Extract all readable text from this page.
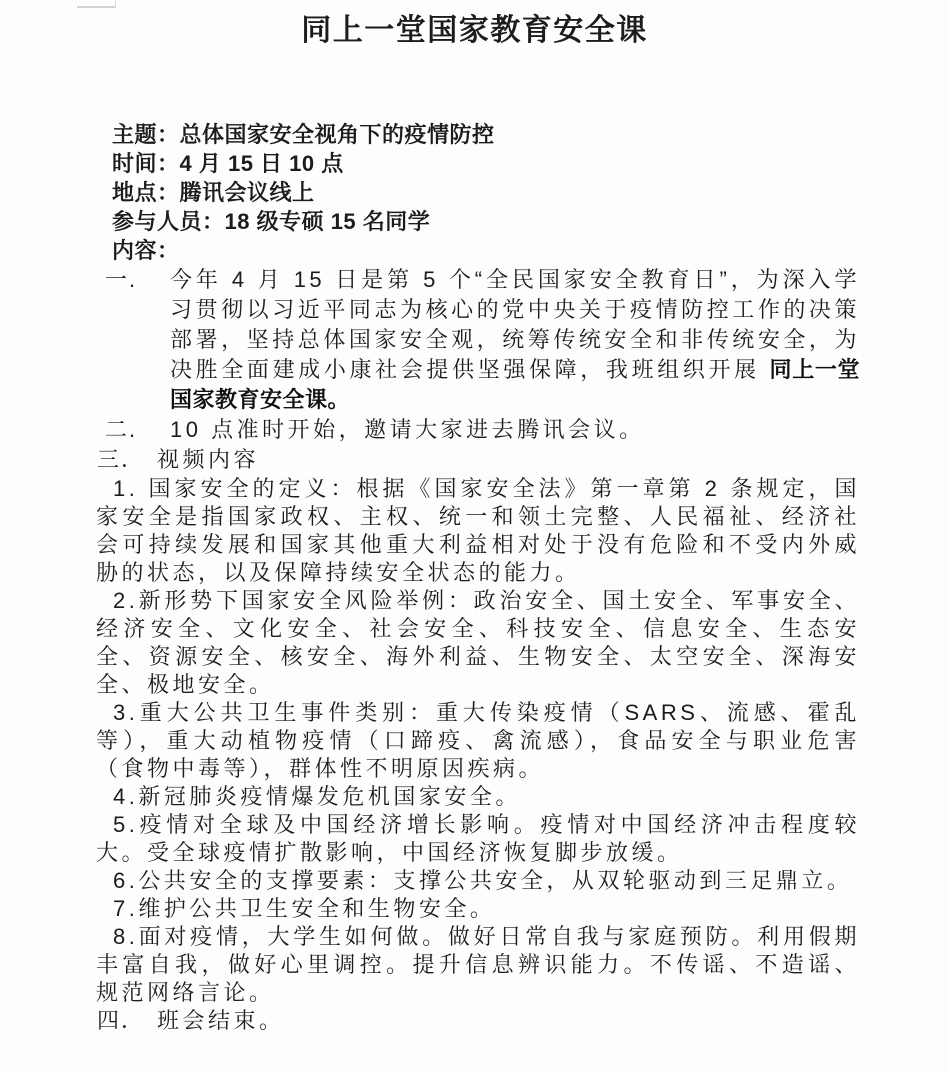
同上一堂国家教育安全课

主题：总体国家安全视角下的疫情防控

时间：4 月 15 日 10 点

地点：腾讯会议线上

参与人员：18 级专硕 15 名同学

内容：

一.	今年 4 月 15 日是第 5 个“全民国家安全教育日”，为深入学习贯彻以习近平同志为核心的党中央关于疫情防控工作的决策部署，坚持总体国家安全观，统筹传统安全和非传统安全，为决胜全面建成小康社会提供坚强保障，我班组织开展 同上一堂国家教育安全课。

二.	10 点准时开始，邀请大家进去腾讯会议。

三． 视频内容

1. 国家安全的定义：根据《国家安全法》第一章第 2 条规定，国家安全是指国家政权、主权、统一和领土完整、人民福祉、经济社会可持续发展和国家其他重大利益相对处于没有危险和不受内外威胁的状态，以及保障持续安全状态的能力。

2.新形势下国家安全风险举例：政治安全、国土安全、军事安全、经济安全、文化安全、社会安全、科技安全、信息安全、生态安全、资源安全、核安全、海外利益、生物安全、太空安全、深海安全、极地安全。

3.重大公共卫生事件类别：重大传染疫情（SARS、流感、霍乱等），重大动植物疫情（口蹄疫、禽流感），食品安全与职业危害（食物中毒等），群体性不明原因疾病。

4.新冠肺炎疫情爆发危机国家安全。

5.疫情对全球及中国经济增长影响。疫情对中国经济冲击程度较大。受全球疫情扩散影响，中国经济恢复脚步放缓。

6.公共安全的支撑要素：支撑公共安全，从双轮驱动到三足鼎立。

7.维护公共卫生安全和生物安全。

8.面对疫情，大学生如何做。做好日常自我与家庭预防。利用假期丰富自我，做好心里调控。提升信息辨识能力。不传谣、不造谣、规范网络言论。

四． 班会结束。
